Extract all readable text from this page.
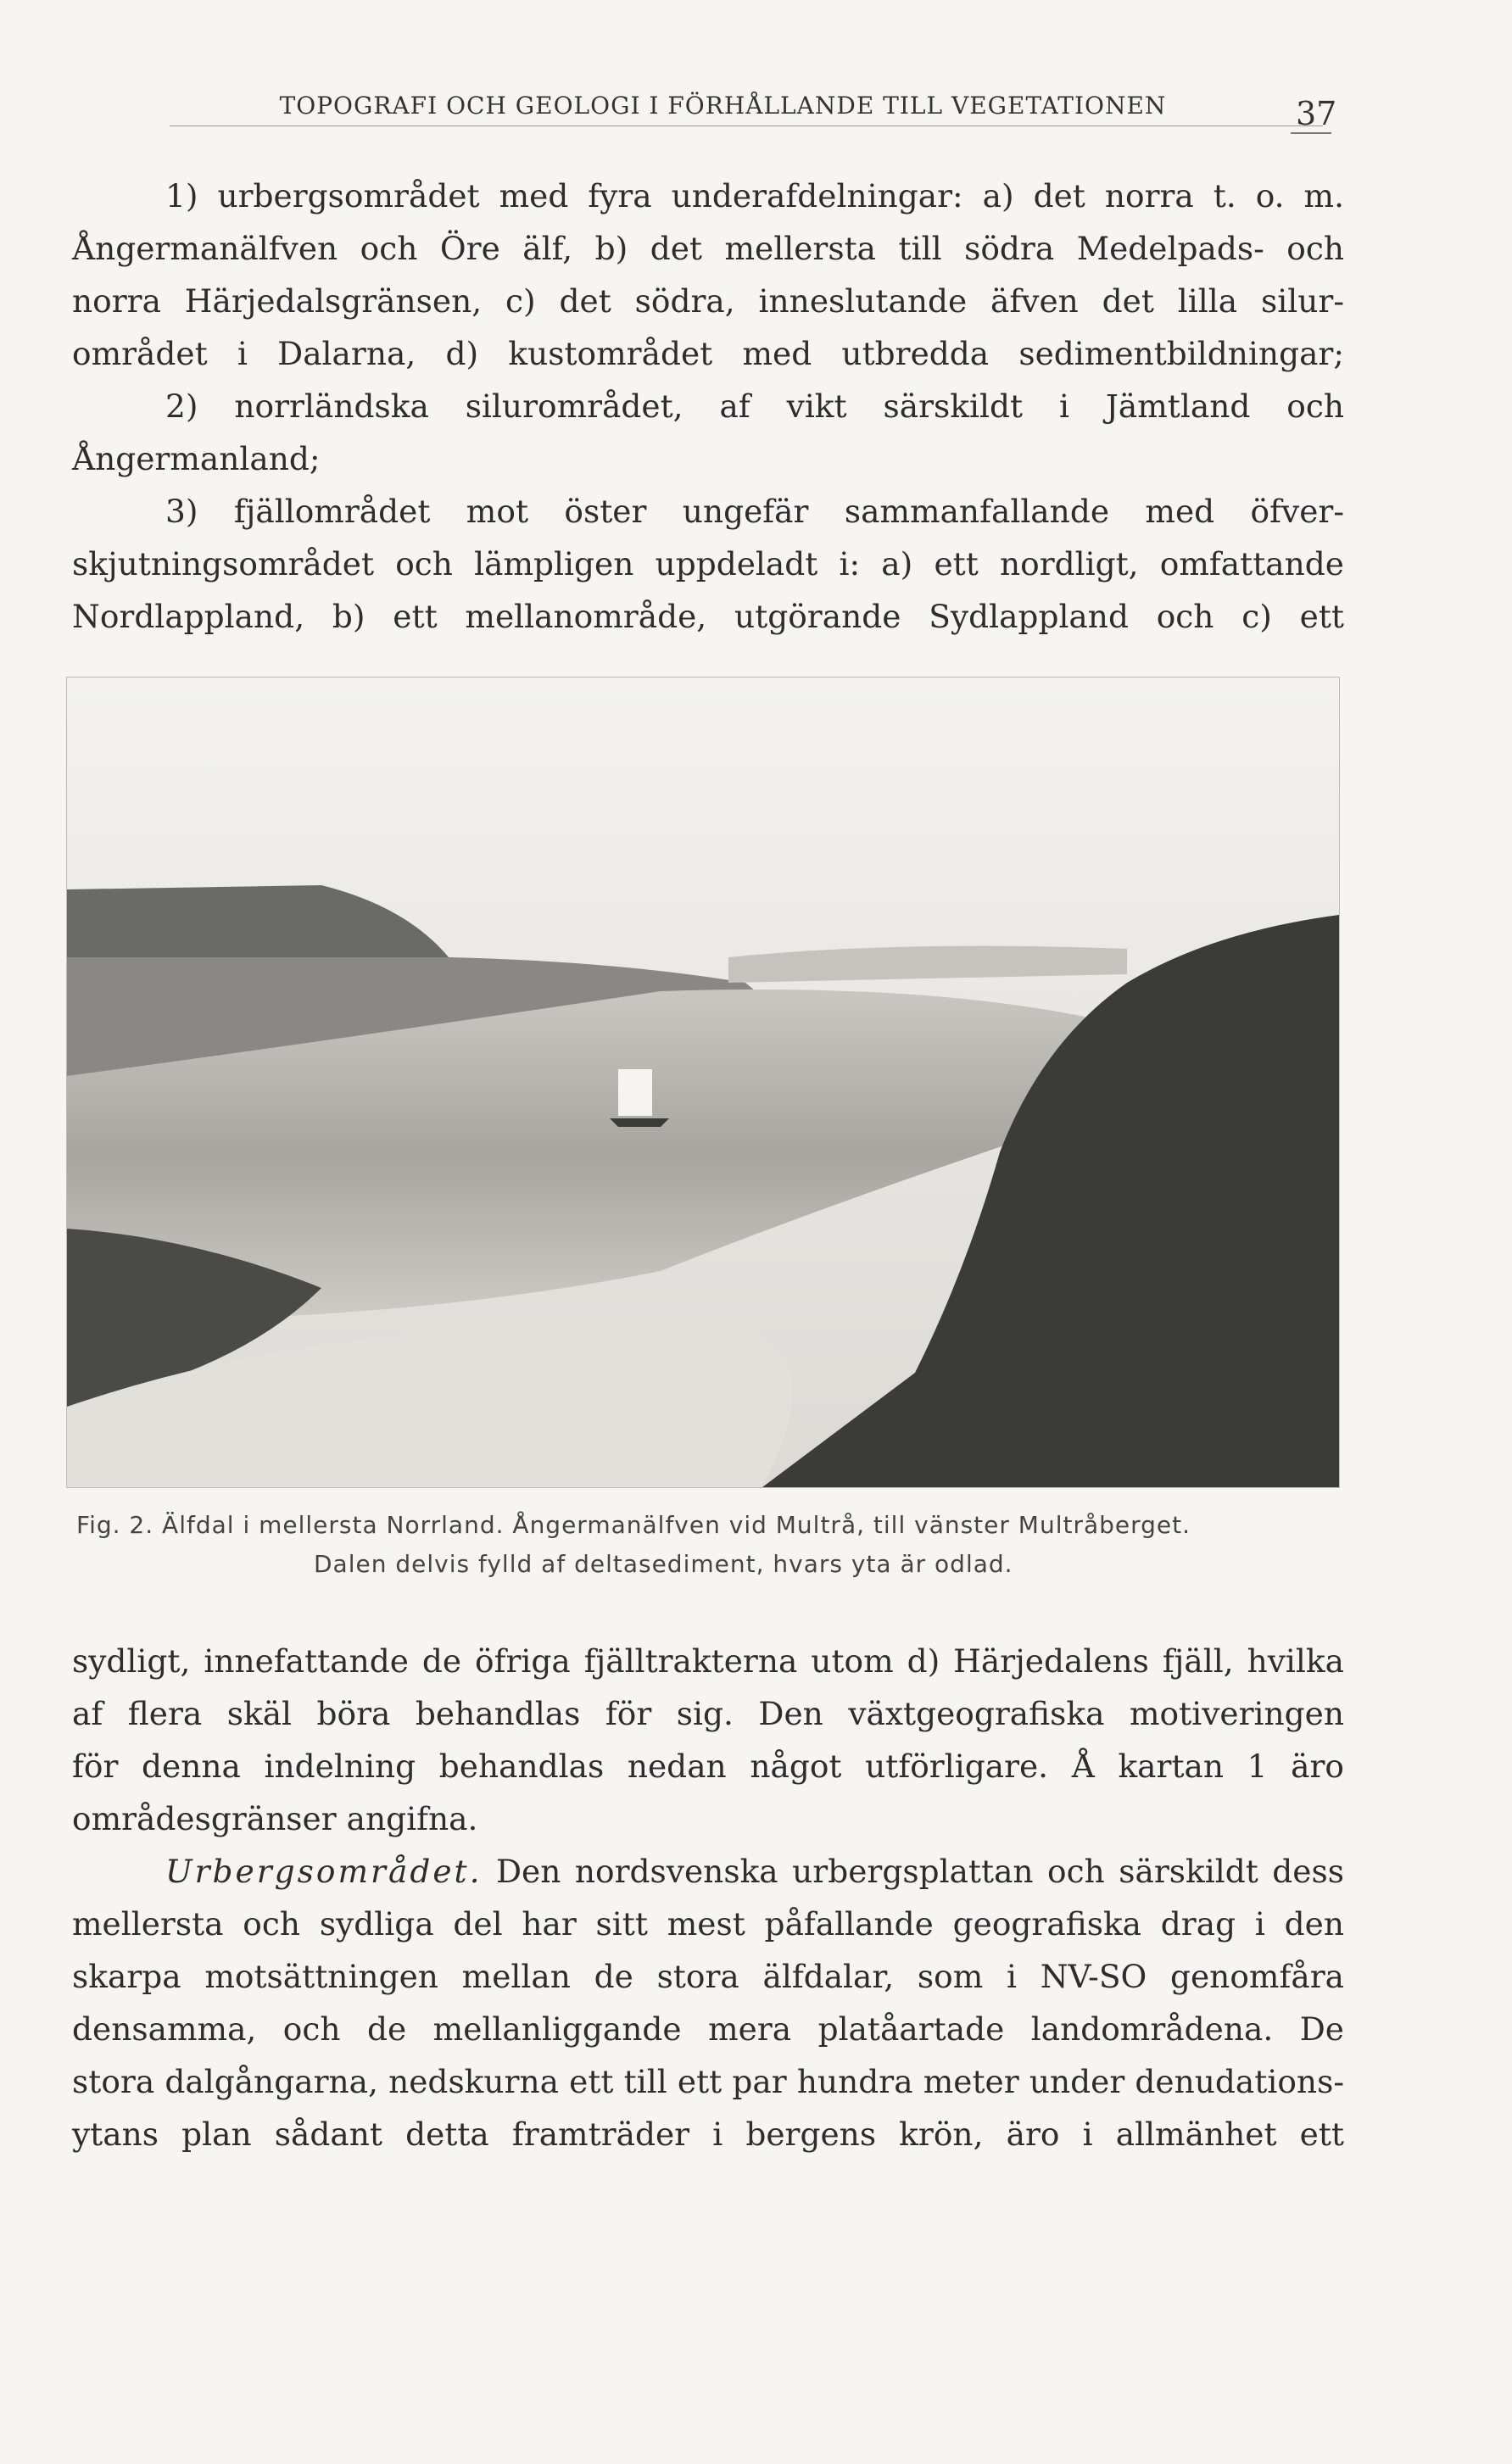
TOPOGRAFI OCH GEOLOGI I FÖRHÅLLANDE TILL VEGETATIONEN	37
1) urbergsområdet med fyra underafdelningar: a) det norra t. o. m.
Ångermanälfven och Öre älf, b) det mellersta till södra Medelpads- och
norra Härjedalsgränsen, c) det södra, inneslutande äfven det lilla silur-
området i Dalarna, d) kustområdet med utbredda sedimentbildningar;
2) norrländska silurområdet, af vikt särskildt i Jämtland och
Ångermanland;
3) fjällområdet mot öster ungefär sammanfallande med öfver-
skjutningsområdet och lämpligen uppdeladt i: a) ett nordligt, omfattande
Nordlappland, b) ett mellanområde, utgörande Sydlappland och c) ett
Fig. 2. Älfdal i mellersta Norrland. Ångermanälfven vid Multrå, till vänster Multråberget.
Dalen delvis fylld af deltasediment, hvars yta är odlad.
sydligt, innefattande de öfriga fjälltrakterna utom d) Härjedalens fjäll, hvilka
af flera skäl böra behandlas för sig. Den växtgeografiska motiveringen
för denna indelning behandlas nedan något utförligare. Å kartan 1 äro
områdesgränser angifna.
Urbergsområdet. Den nordsvenska urbergsplattan och särskildt dess
mellersta och sydliga del har sitt mest påfallande geografiska drag i den
skarpa motsättningen mellan de stora älfdalar, som i NV-SO genomfåra
densamma, och de mellanliggande mera platåartade landområdena. De
stora dalgångarna, nedskurna ett till ett par hundra meter under denudations-
ytans plan sådant detta framträder i bergens krön, äro i allmänhet ett
